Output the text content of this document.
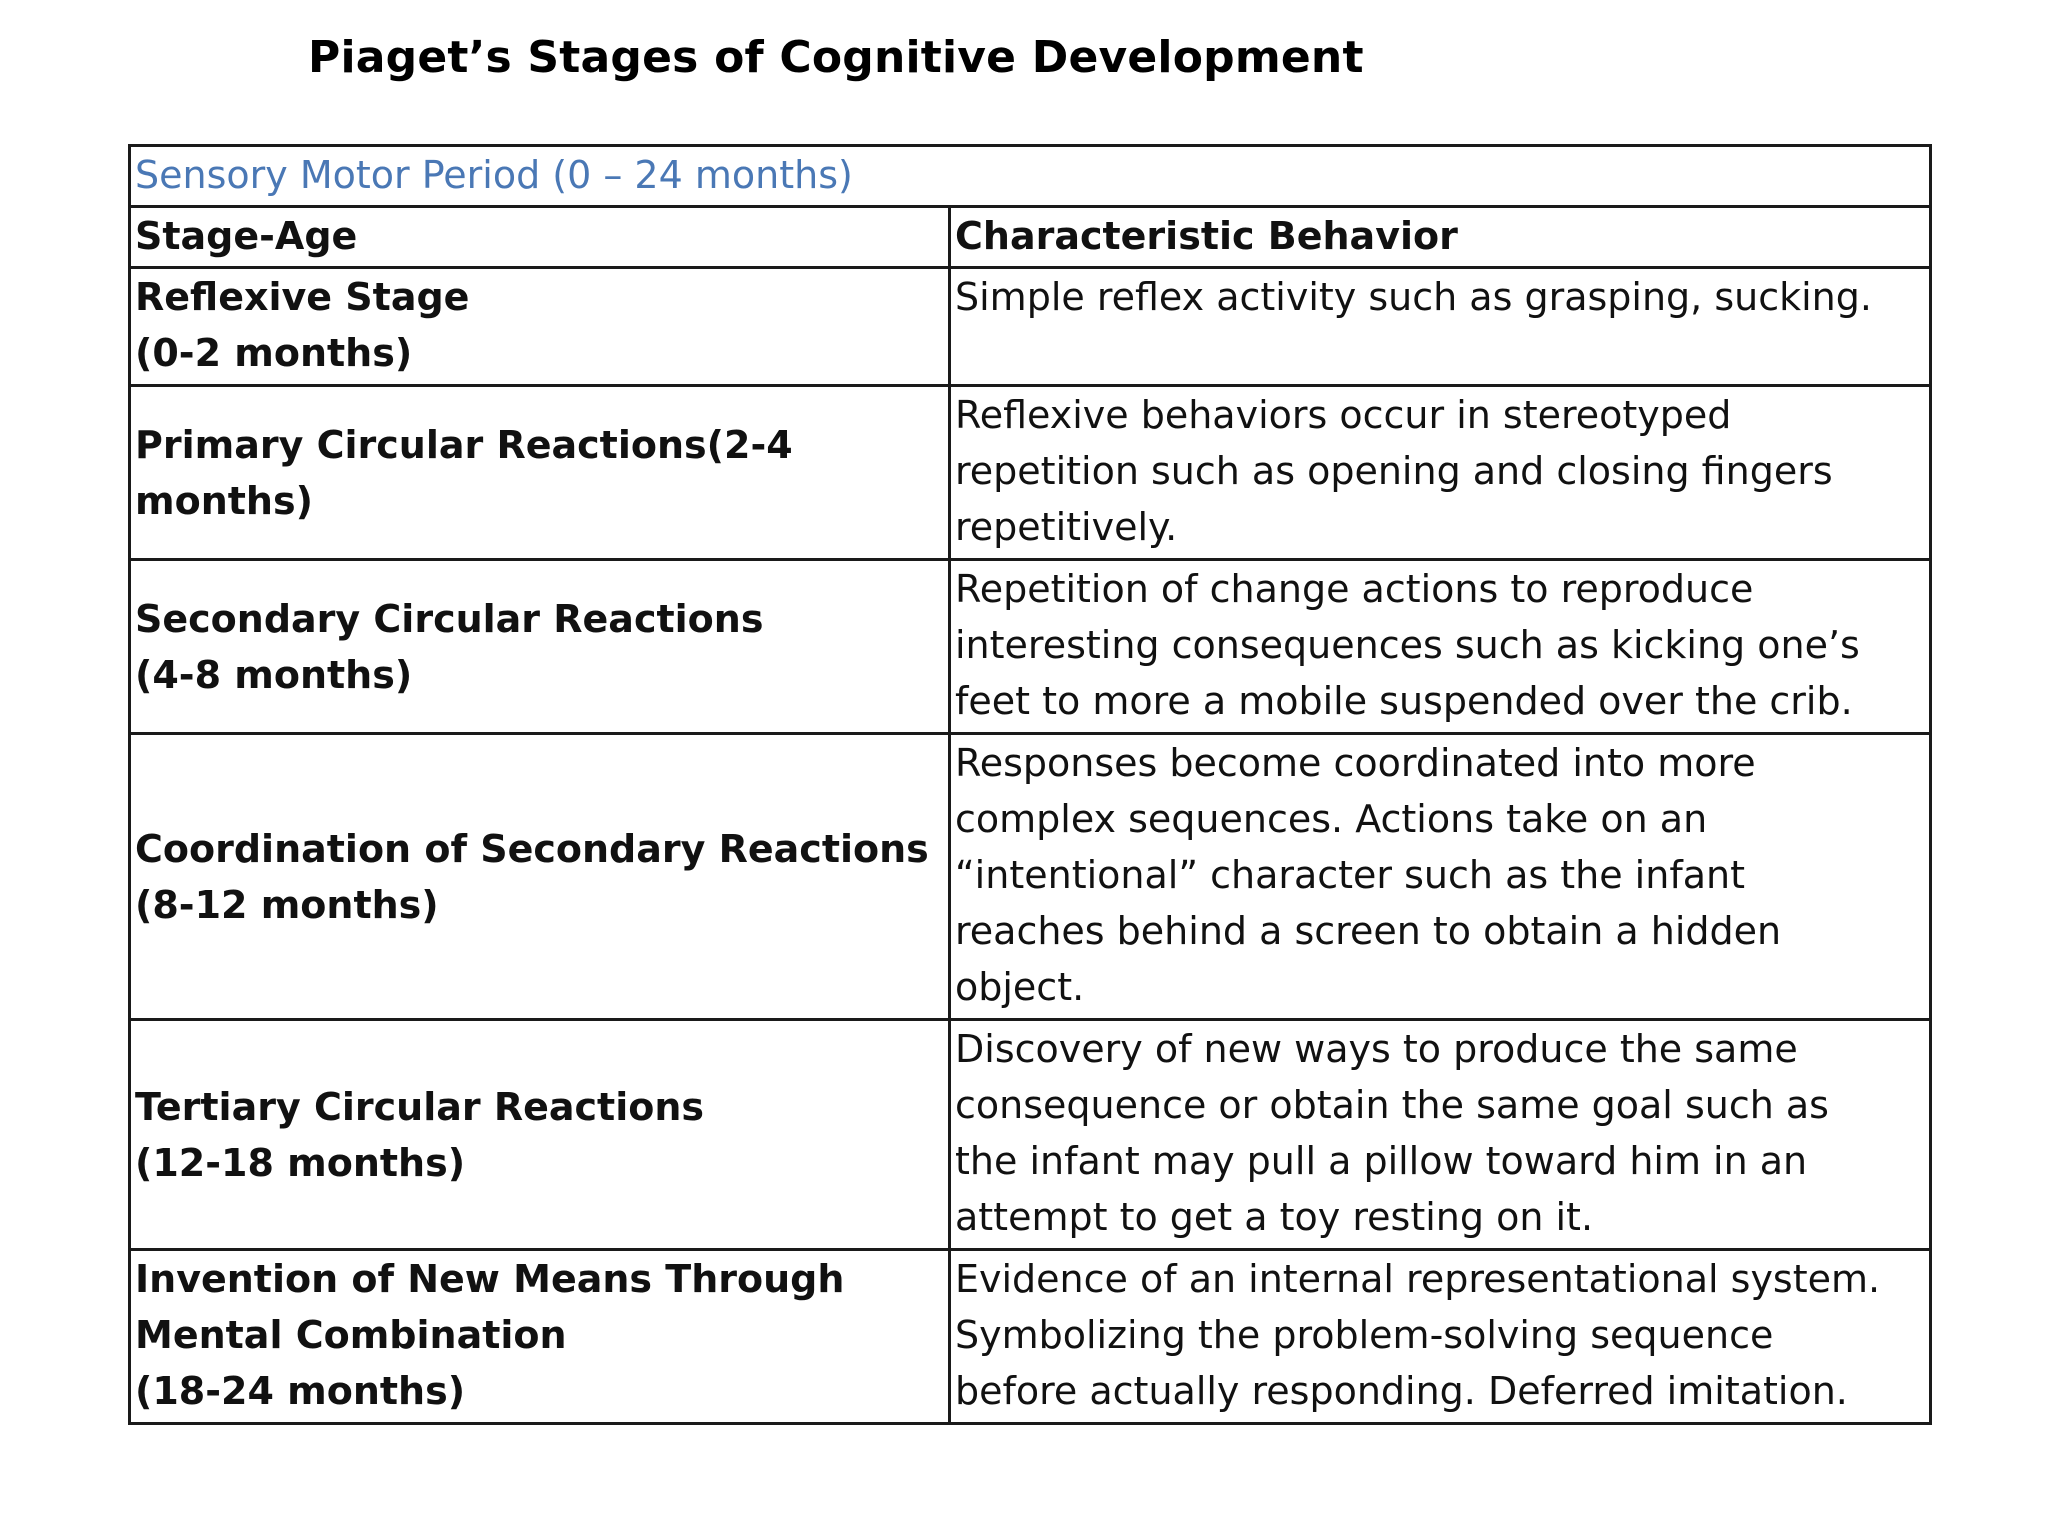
Piaget’s Stages of Cognitive Development
Sensory Motor Period (0 – 24 months)	
Stage-Age	Characteristic Behavior

Reflexive Stage
(0-2 months)	Simple reflex activity such as grasping, sucking.

Primary Circular Reactions(2-4 months)	Reflexive behaviors occur in stereotyped
repetition such as opening and closing fingers
repetitively.

Secondary Circular Reactions
(4-8 months)	Repetition of change actions to reproduce
interesting consequences such as kicking one’s
feet to more a mobile suspended over the crib.

Coordination of Secondary Reactions
(8-12 months)	Responses become coordinated into more
complex sequences. Actions take on an
“intentional” character such as the infant
reaches behind a screen to obtain a hidden
object.

Tertiary Circular Reactions
(12-18 months)	Discovery of new ways to produce the same
consequence or obtain the same goal such as
the infant may pull a pillow toward him in an
attempt to get a toy resting on it.

Invention of New Means Through Mental Combination
(18-24 months)	Evidence of an internal representational system.
Symbolizing the problem-solving sequence
before actually responding. Deferred imitation.
